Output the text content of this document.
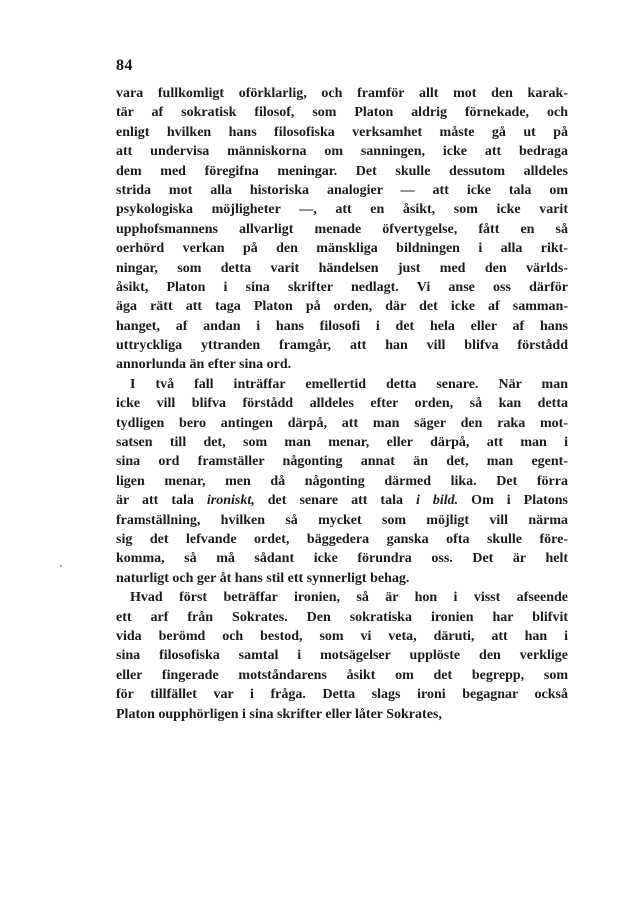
84
vara fullkomligt oförklarlig, och framför allt mot den karak-
tär af sokratisk filosof, som Platon aldrig förnekade, och
enligt hvilken hans filosofiska verksamhet måste gå ut på
att undervisa människorna om sanningen, icke att bedraga
dem med föregifna meningar. Det skulle dessutom alldeles
strida mot alla historiska analogier — att icke tala om
psykologiska möjligheter —, att en åsikt, som icke varit
upphofsmannens allvarligt menade öfvertygelse, fått en så
oerhörd verkan på den mänskliga bildningen i alla rikt-
ningar, som detta varit händelsen just med den världs-
åsikt, Platon i sina skrifter nedlagt. Vi anse oss därför
äga rätt att taga Platon på orden, där det icke af samman-
hanget, af andan i hans filosofi i det hela eller af hans
uttryckliga yttranden framgår, att han vill blifva förstådd
annorlunda än efter sina ord.
I två fall inträffar emellertid detta senare. När man
icke vill blifva förstådd alldeles efter orden, så kan detta
tydligen bero antingen därpå, att man säger den raka mot-
satsen till det, som man menar, eller därpå, att man i
sina ord framställer någonting annat än det, man egent-
ligen menar, men då någonting därmed lika. Det förra
är att tala ironiskt, det senare att tala i bild. Om i Platons
framställning, hvilken så mycket som möjligt vill närma
sig det lefvande ordet, bäggedera ganska ofta skulle före-
komma, så må sådant icke förundra oss. Det är helt
naturligt och ger åt hans stil ett synnerligt behag.
Hvad först beträffar ironien, så är hon i visst afseende
ett arf från Sokrates. Den sokratiska ironien har blifvit
vida berömd och bestod, som vi veta, däruti, att han i
sina filosofiska samtal i motsägelser upplöste den verklige
eller fingerade motståndarens åsikt om det begrepp, som
för tillfället var i fråga. Detta slags ironi begagnar också
Platon oupphörligen i sina skrifter eller låter Sokrates,
